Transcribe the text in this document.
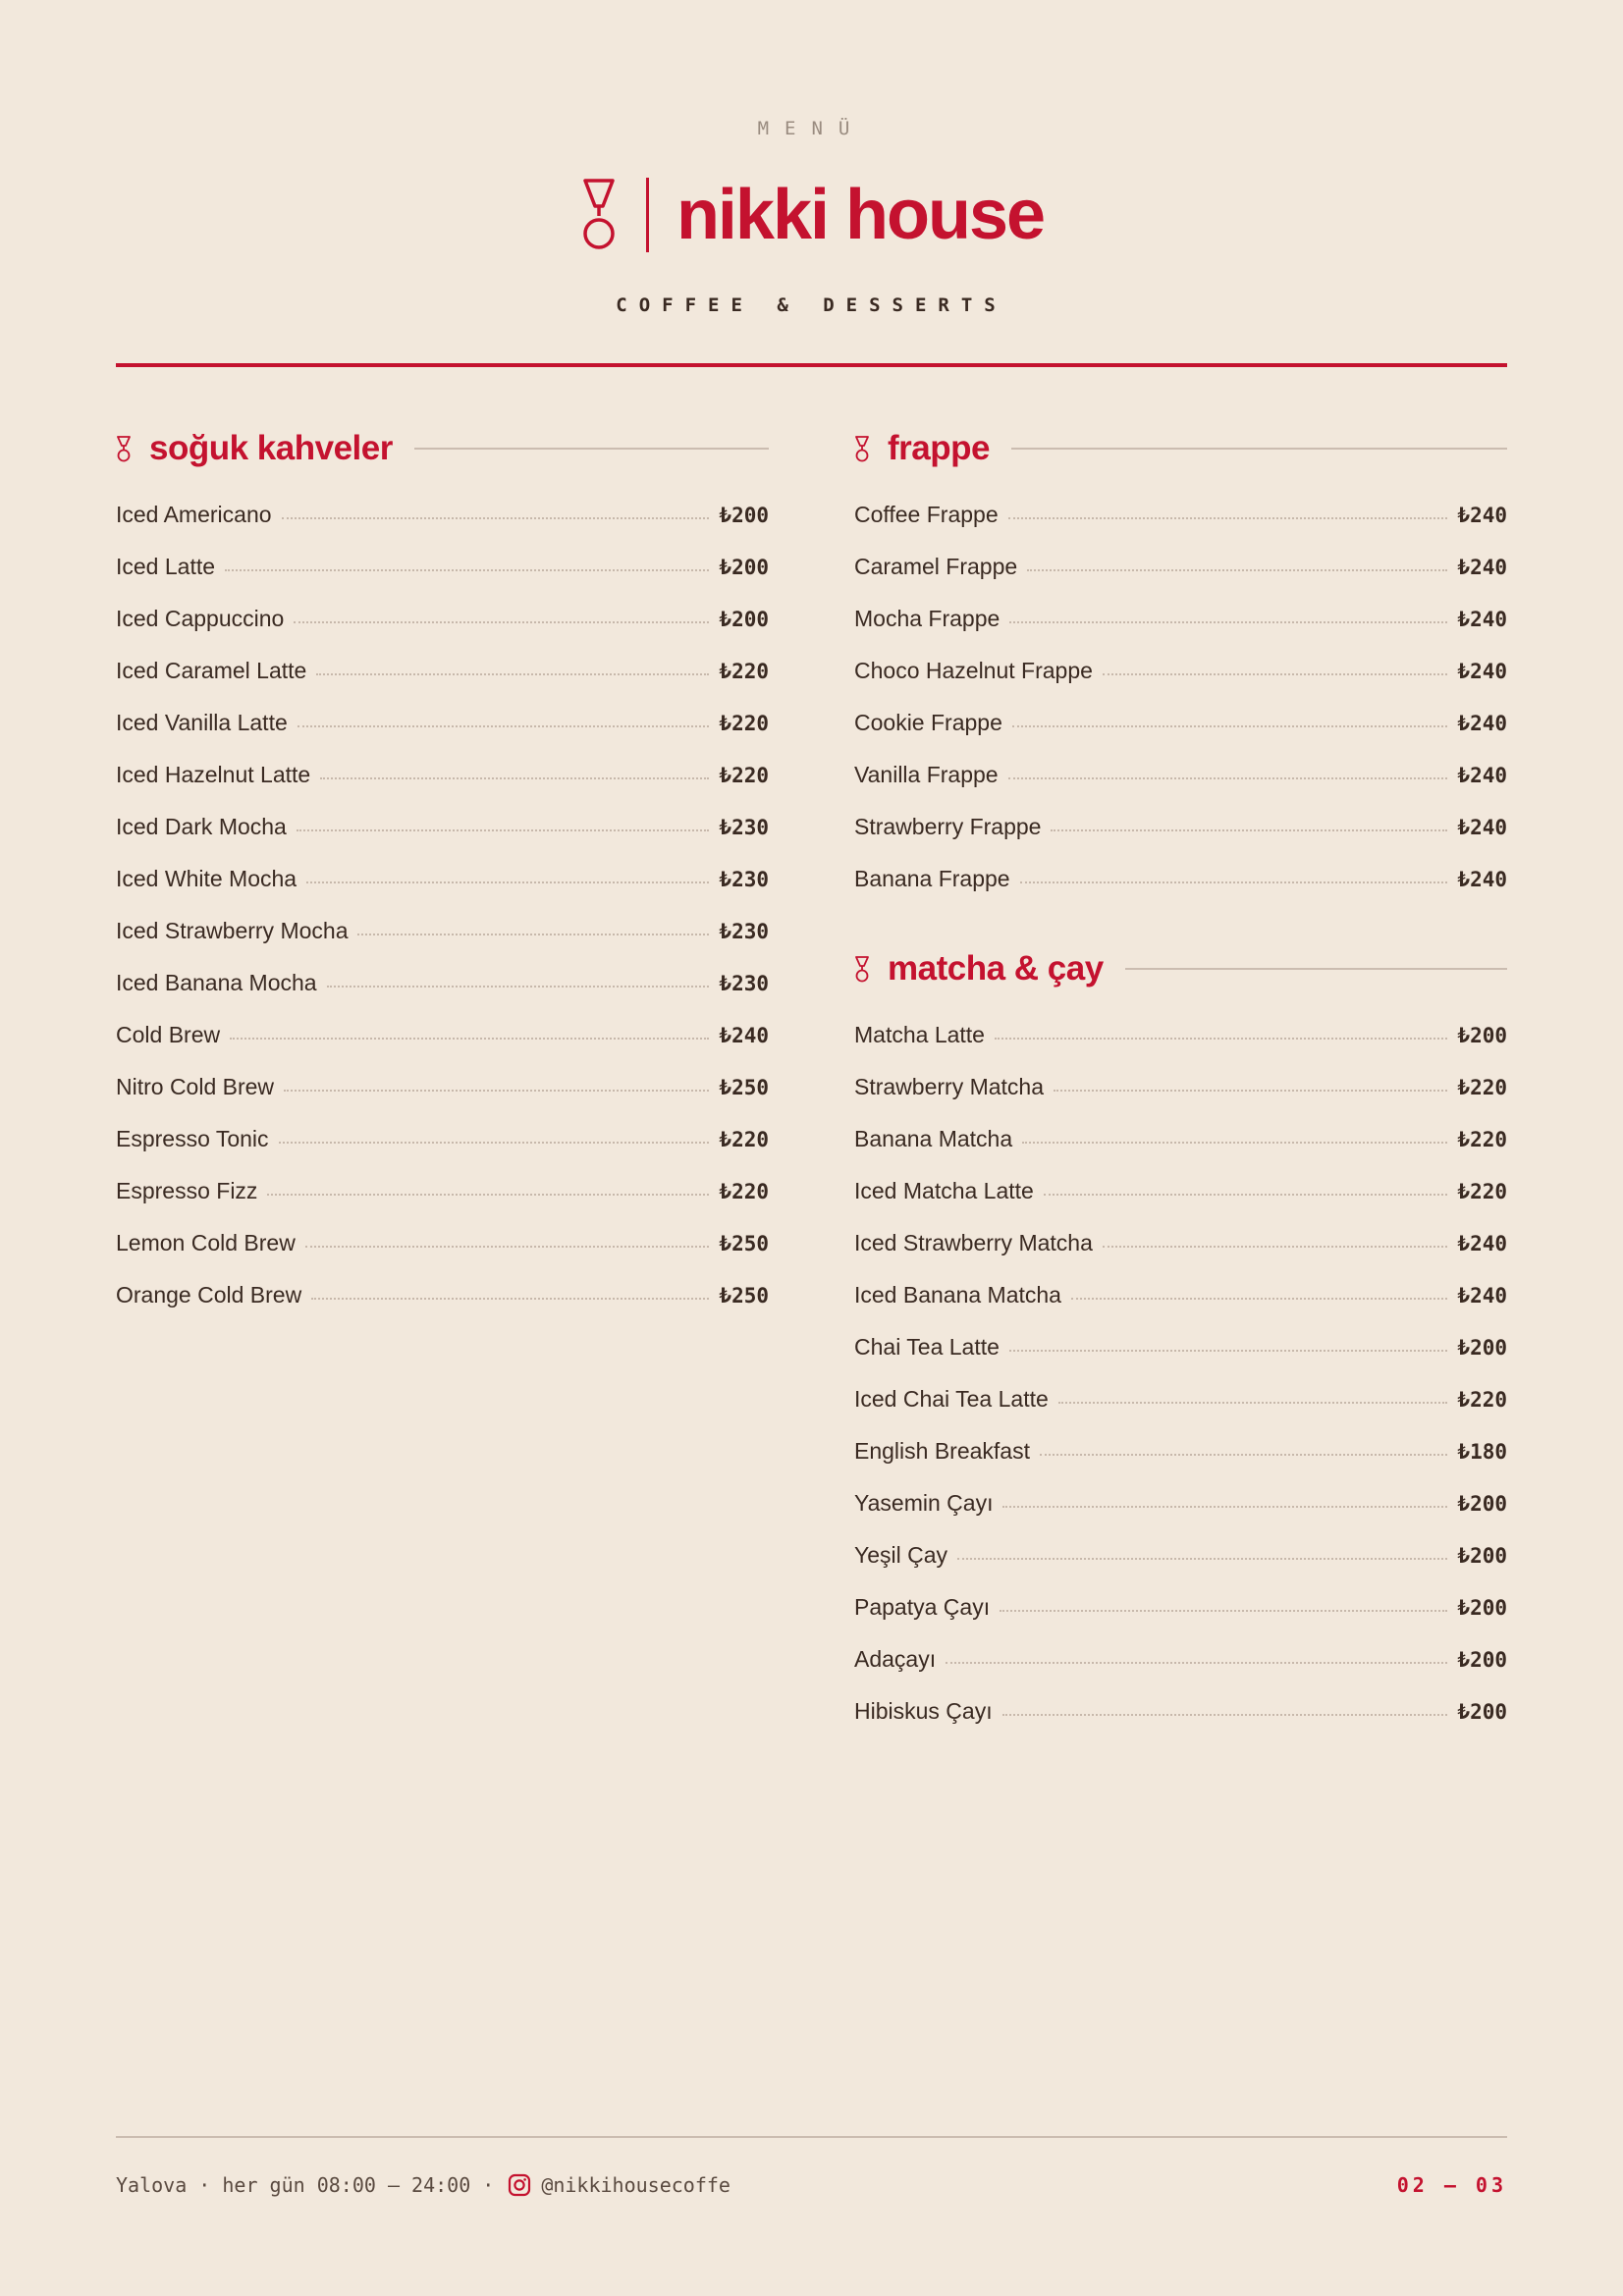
MENÜ
nikki house
COFFEE & DESSERTS
soğuk kahveler
Iced Americano	₺200
Iced Latte	₺200
Iced Cappuccino	₺200
Iced Caramel Latte	₺220
Iced Vanilla Latte	₺220
Iced Hazelnut Latte	₺220
Iced Dark Mocha	₺230
Iced White Mocha	₺230
Iced Strawberry Mocha	₺230
Iced Banana Mocha	₺230
Cold Brew	₺240
Nitro Cold Brew	₺250
Espresso Tonic	₺220
Espresso Fizz	₺220
Lemon Cold Brew	₺250
Orange Cold Brew	₺250
frappe
Coffee Frappe	₺240
Caramel Frappe	₺240
Mocha Frappe	₺240
Choco Hazelnut Frappe	₺240
Cookie Frappe	₺240
Vanilla Frappe	₺240
Strawberry Frappe	₺240
Banana Frappe	₺240
matcha & çay
Matcha Latte	₺200
Strawberry Matcha	₺220
Banana Matcha	₺220
Iced Matcha Latte	₺220
Iced Strawberry Matcha	₺240
Iced Banana Matcha	₺240
Chai Tea Latte	₺200
Iced Chai Tea Latte	₺220
English Breakfast	₺180
Yasemin Çayı	₺200
Yeşil Çay	₺200
Papatya Çayı	₺200
Adaçayı	₺200
Hibiskus Çayı	₺200
Yalova · her gün 08:00 – 24:00 · @nikkihousecoffe	02 — 03
